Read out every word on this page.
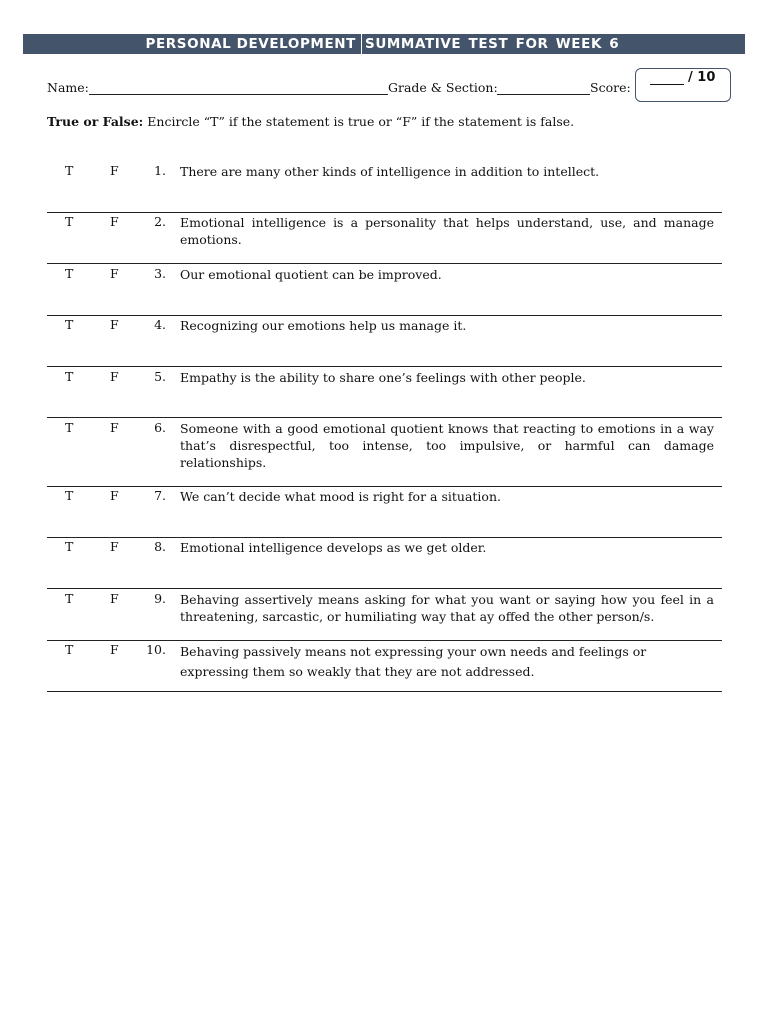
PERSONAL DEVELOPMENT SUMMATIVE TEST FOR WEEK 6
Name:	Grade & Section:	Score:
/ 10
True or False: Encircle “T” if the statement is true or “F” if the statement is false.
T	F	1. There are many other kinds of intelligence in addition to intellect.
T	F	2. Emotional intelligence is a personality that helps understand, use, and manage emotions.
T	F	3. Our emotional quotient can be improved.
T	F	4. Recognizing our emotions help us manage it.
T	F	5. Empathy is the ability to share one’s feelings with other people.
T	F	6. Someone with a good emotional quotient knows that reacting to emotions in a way that’s disrespectful, too intense, too impulsive, or harmful can damage relationships.
T	F	7. We can’t decide what mood is right for a situation.
T	F	8. Emotional intelligence develops as we get older.
T	F	9. Behaving assertively means asking for what you want or saying how you feel in a threatening, sarcastic, or humiliating way that ay offed the other person/s.
T	F	10. Behaving passively means not expressing your own needs and feelings or expressing them so weakly that they are not addressed.
